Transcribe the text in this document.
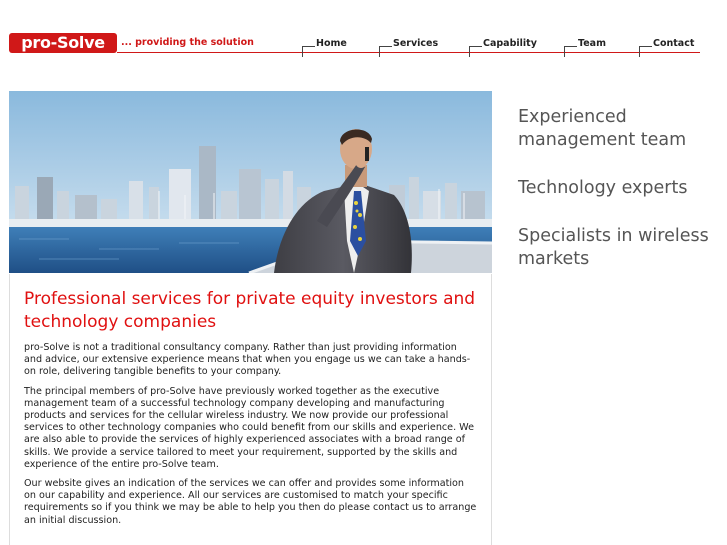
pro-Solve	... providing the solution	Home	Services	Capability	Team	Contact

Experienced management team

Technology experts

Specialists in wireless markets

Professional services for private equity investors and technology companies

pro-Solve is not a traditional consultancy company. Rather than just providing information and advice, our extensive experience means that when you engage us we can take a hands-on role, delivering tangible benefits to your company.

The principal members of pro-Solve have previously worked together as the executive management team of a successful technology company developing and manufacturing products and services for the cellular wireless industry. We now provide our professional services to other technology companies who could benefit from our skills and experience. We are also able to provide the services of highly experienced associates with a broad range of skills. We provide a service tailored to meet your requirement, supported by the skills and experience of the entire pro-Solve team.

Our website gives an indication of the services we can offer and provides some information on our capability and experience. All our services are customised to match your specific requirements so if you think we may be able to help you then do please contact us to arrange an initial discussion.
